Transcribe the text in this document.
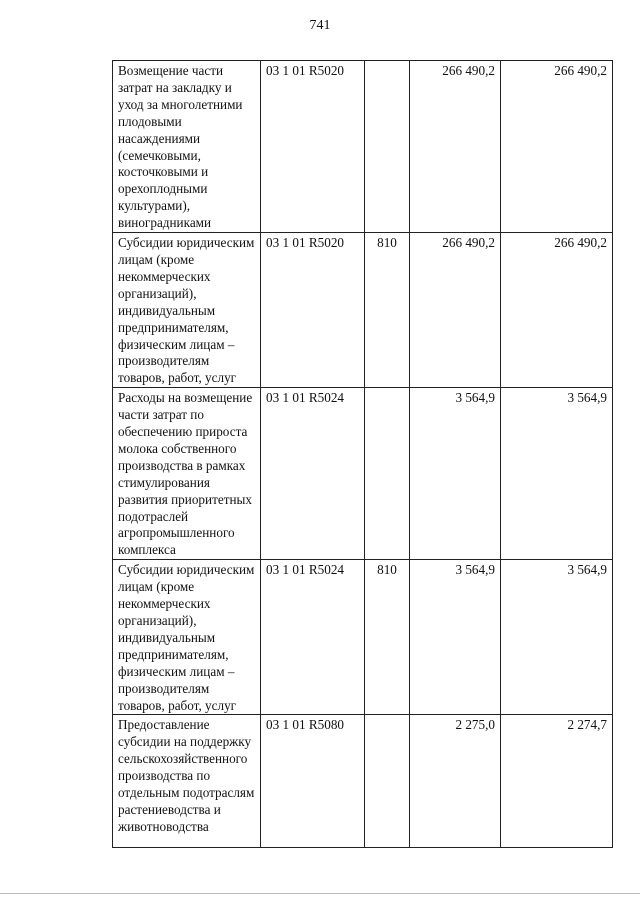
741
Возмещение части затрат на закладку и уход за многолетними плодовыми насаждениями (семечковыми, косточковыми и орехоплодными культурами), виноградниками	03 1 01 R5020		266 490,2	266 490,2
Субсидии юридическим лицам (кроме некоммерческих организаций), индивидуальным предпринимателям, физическим лицам – производителям товаров, работ, услуг	03 1 01 R5020	810	266 490,2	266 490,2
Расходы на возмещение части затрат по обеспечению прироста молока собственного производства в рамках стимулирования развития приоритетных подотраслей агропромышленного комплекса	03 1 01 R5024		3 564,9	3 564,9
Субсидии юридическим лицам (кроме некоммерческих организаций), индивидуальным предпринимателям, физическим лицам – производителям товаров, работ, услуг	03 1 01 R5024	810	3 564,9	3 564,9
Предоставление субсидии на поддержку сельскохозяйственного производства по отдельным подотраслям растениеводства и животноводства	03 1 01 R5080		2 275,0	2 274,7
